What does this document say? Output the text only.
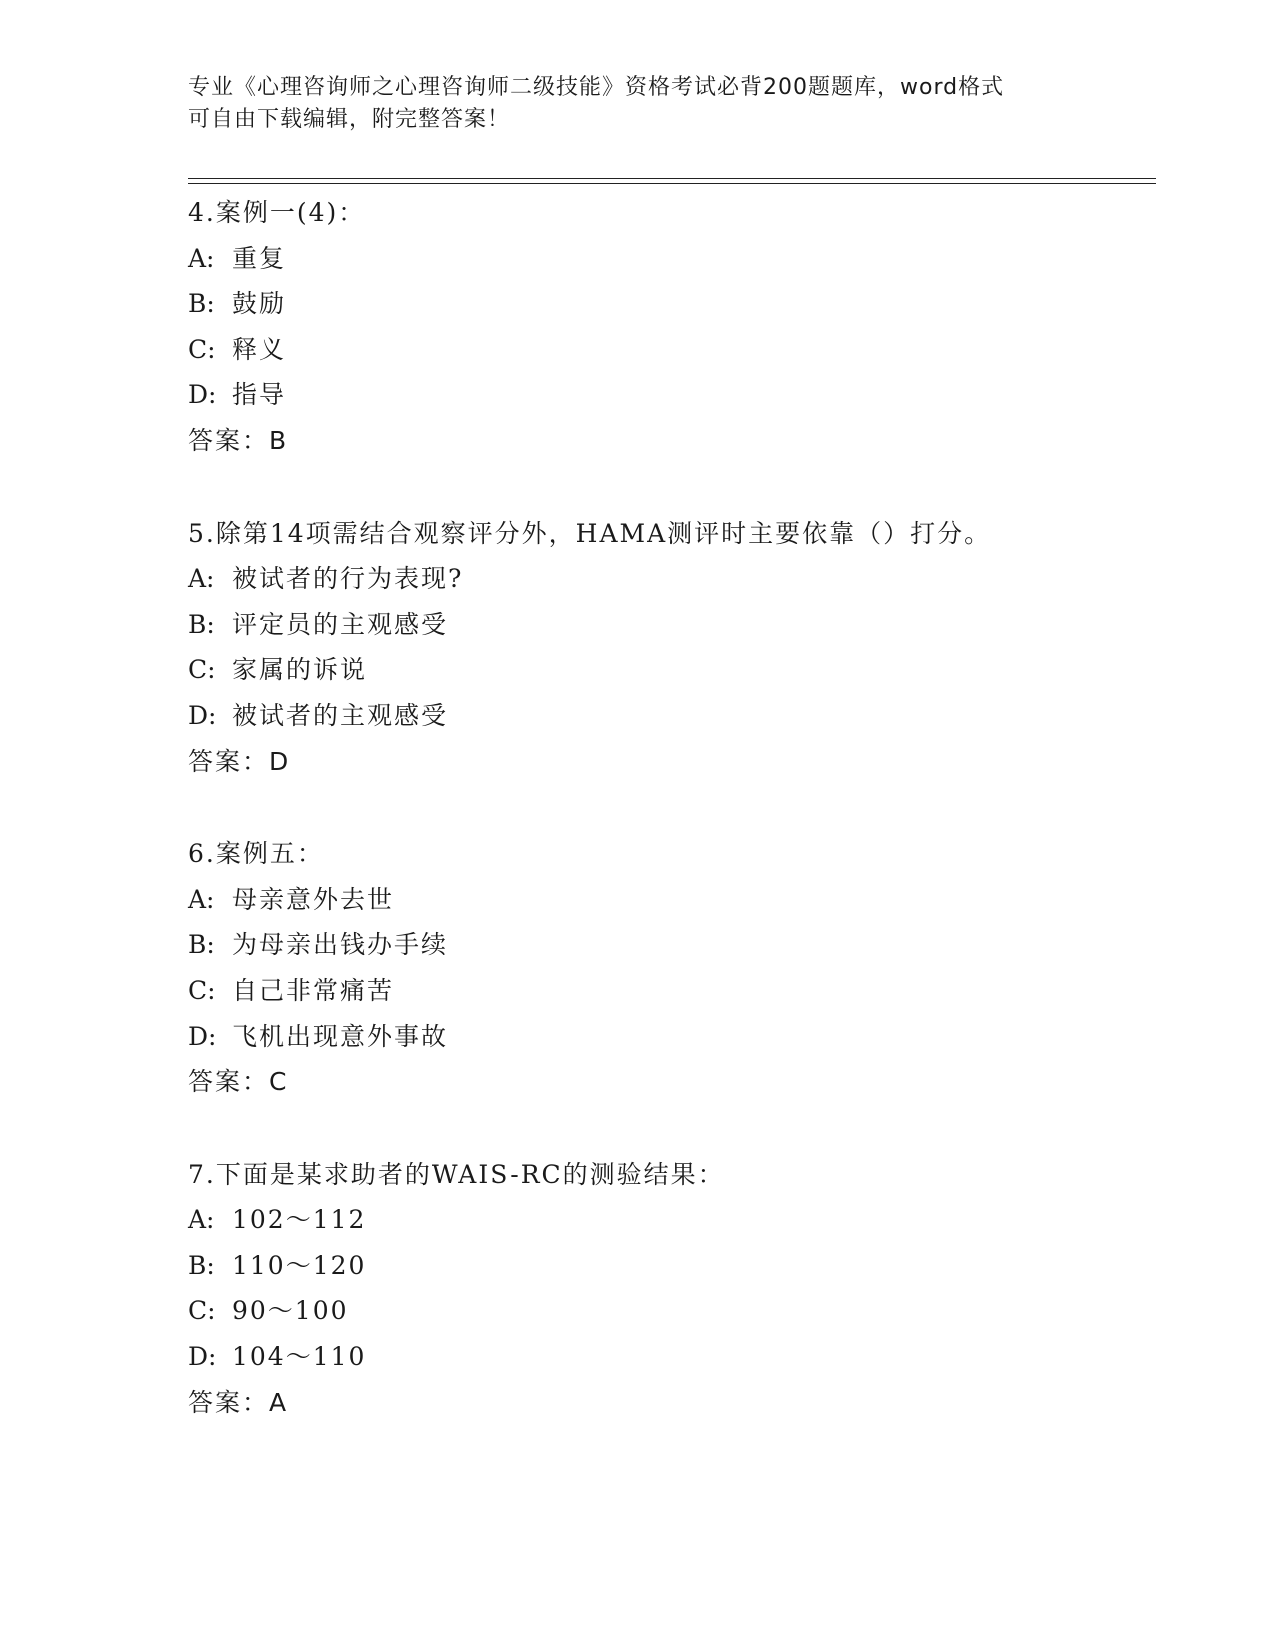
专业《心理咨询师之心理咨询师二级技能》资格考试必背200题题库，word格式
可自由下载编辑，附完整答案！
4.案例一(4)：
A: 重复
B: 鼓励
C: 释义
D: 指导
答案：B
5.除第14项需结合观察评分外，HAMA测评时主要依靠（）打分。
A: 被试者的行为表现?
B: 评定员的主观感受
C: 家属的诉说
D: 被试者的主观感受
答案：D
6.案例五：
A: 母亲意外去世
B: 为母亲出钱办手续
C: 自己非常痛苦
D: 飞机出现意外事故
答案：C
7.下面是某求助者的WAIS-RC的测验结果：
A: 102～112
B: 110～120
C: 90～100
D: 104～110
答案：A
